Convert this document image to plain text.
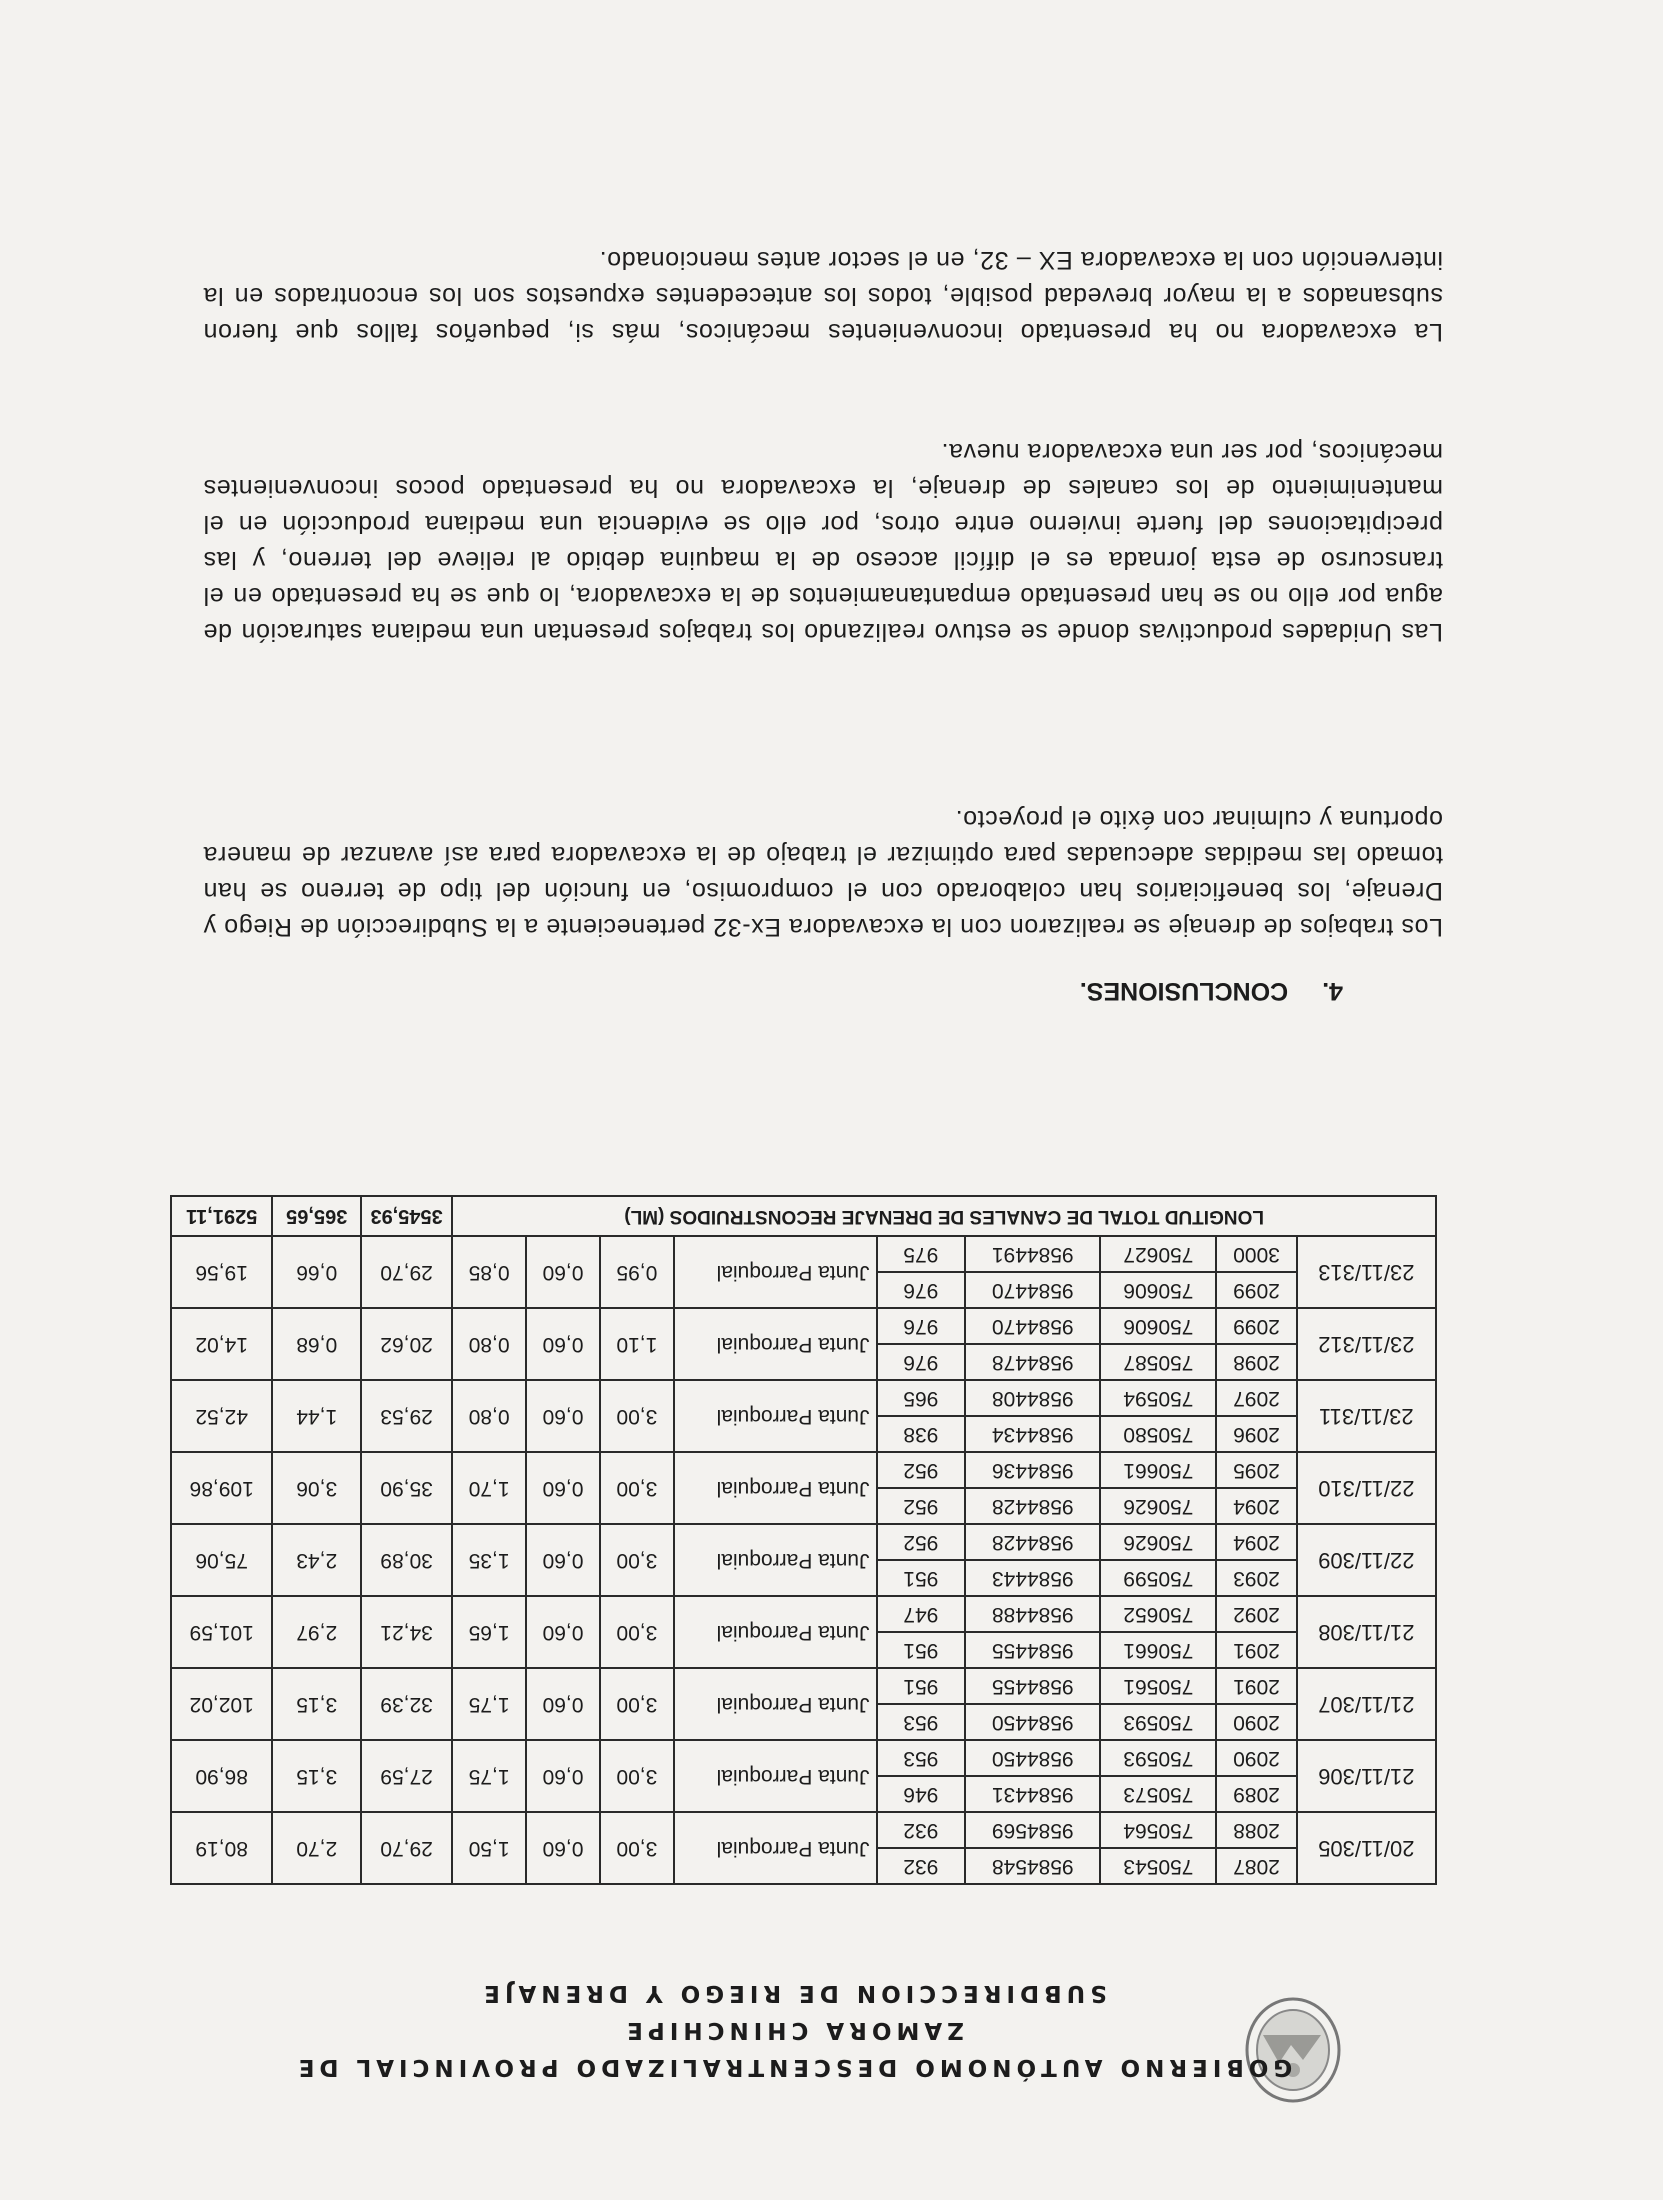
GOBIERNO AUTÓNOMO DESCENTRALIZADO PROVINCIAL DE
ZAMORA CHINCHIPE
SUBDIRECCION DE RIEGO Y DRENAJE
20/11/305	2087	750543	9584548	932	Junta Parroquial	3,00	0,60	1,50	29,70	2,70	80,19
	2088	750564	9584569	932							
21/11/306	2089	750573	9584431	946	Junta Parroquial	3,00	0,60	1,75	27,59	3,15	86,90
	2090	750593	9584450	953							
21/11/307	2090	750593	9584450	953	Junta Parroquial	3,00	0,60	1,75	32,39	3,15	102,02
	2091	750561	9584455	951							
21/11/308	2091	750661	9584455	951	Junta Parroquial	3,00	0,60	1,65	34,21	2,97	101,59
	2092	750652	9584488	947							
22/11/309	2093	750599	9584443	951	Junta Parroquial	3,00	0,60	1,35	30,89	2,43	75,06
	2094	750626	9584428	952							
22/11/310	2094	750626	9584428	952	Junta Parroquial	3,00	0,60	1,70	35,90	3,06	109,86
	2095	750661	9584436	952							
23/11/311	2096	750580	9584434	938	Junta Parroquial	3,00	0,60	0,80	29,53	1,44	42,52
	2097	750594	9584408	965							
23/11/312	2098	750587	9584478	976	Junta Parroquial	1,10	0,60	0,80	20,62	0,68	14,02
	2099	750606	9584470	976							
23/11/313	2099	750606	9584470	976	Junta Parroquial	0,95	0,60	0,85	29,70	0,66	19,56
	3000	750627	9584491	975							
LONGITUD TOTAL DE CANALES DE DRENAJE RECONSTRUIDOS (ML)									3545,93	365,65	5291,11
4.CONCLUSIONES.

Los trabajos de drenaje se realizaron con la excavadora Ex-32 perteneciente a la Subdirección de Riego y Drenaje, los beneficiarios han colaborado con el compromiso, en función del tipo de terreno se han tomado las medidas adecuadas para optimizar el trabajo de la excavadora para así avanzar de manera oportuna y culminar con éxito el proyecto.

Las Unidades productivas donde se estuvo realizando los trabajos presentan una mediana saturación de agua por ello no se han presentado empantanamientos de la excavadora, lo que se ha presentado en el transcurso de esta jornada es el difícil acceso de la maquina debido al relieve del terreno, y las precipitaciones del fuerte invierno entre otros, por ello se evidencia una mediana producción en el mantenimiento de los canales de drenaje, la excavadora no ha presentado pocos inconvenientes mecánicos, por ser una excavadora nueva.

La excavadora no ha presentado inconvenientes mecánicos, más si, pequeños fallos que fueron subsanados a la mayor brevedad posible, todos los antecedentes expuestos son los encontrados en la intervención con la excavadora EX – 32, en el sector antes mencionado.
